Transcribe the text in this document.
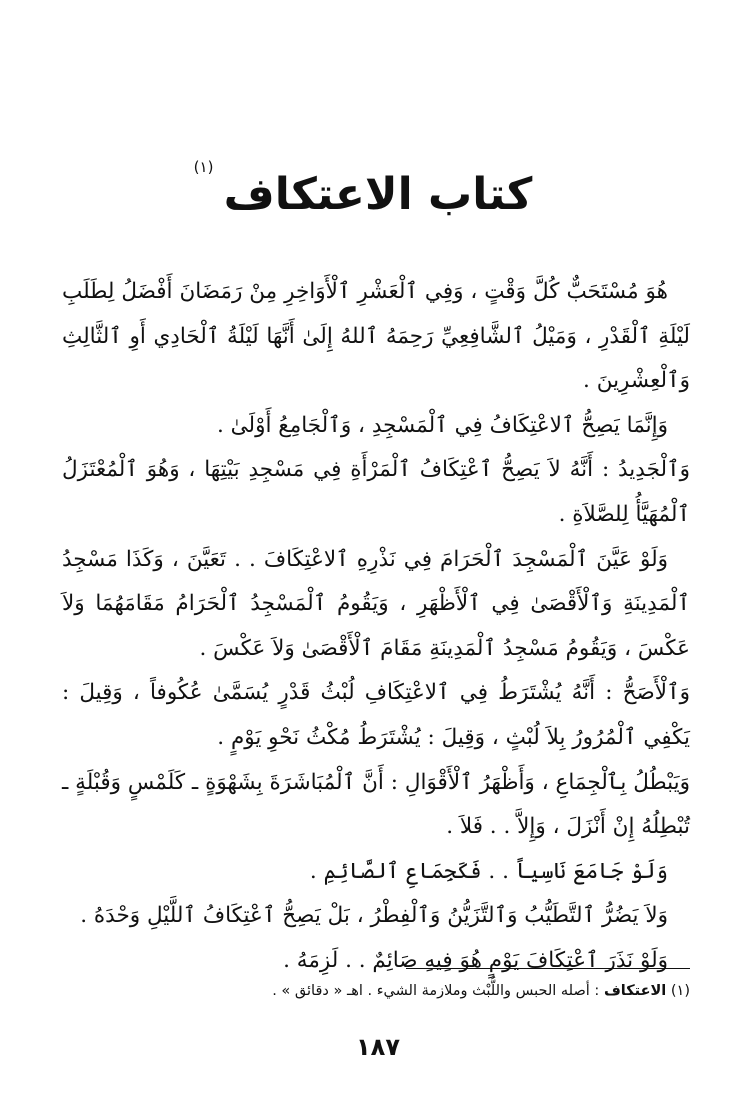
كتاب الاعتكاف
(١)

هُوَ مُسْتَحَبٌّ كُلَّ وَقْتٍ ، وَفِي ٱلْعَشْرِ ٱلْأَوَاخِرِ مِنْ رَمَضَانَ أَفْضَلُ لِطَلَبِ لَيْلَةِ ٱلْقَدْرِ ، وَمَيْلُ ٱلشَّافِعِيِّ رَحِمَهُ ٱللهُ إِلَىٰ أَنَّهَا لَيْلَةُ ٱلْحَادِي أَوِ ٱلثَّالِثِ وَٱلْعِشْرِينَ .

وَإِنَّمَا يَصِحُّ ٱلاعْتِكَافُ فِي ٱلْمَسْجِدِ ، وَٱلْجَامِعُ أَوْلَىٰ .

وَٱلْجَدِيدُ : أَنَّهُ لاَ يَصِحُّ ٱعْتِكَافُ ٱلْمَرْأَةِ فِي مَسْجِدِ بَيْتِهَا ، وَهُوَ ٱلْمُعْتَزَلُ ٱلْمُهَيَّأُ لِلصَّلاَةِ .

وَلَوْ عَيَّنَ ٱلْمَسْجِدَ ٱلْحَرَامَ فِي نَذْرِهِ ٱلاعْتِكَافَ . . تَعَيَّنَ ، وَكَذَا مَسْجِدُ ٱلْمَدِينَةِ وَٱلْأَقْصَىٰ فِي ٱلْأَظْهَرِ ، وَيَقُومُ ٱلْمَسْجِدُ ٱلْحَرَامُ مَقَامَهُمَا وَلاَ عَكْسَ ، وَيَقُومُ مَسْجِدُ ٱلْمَدِينَةِ مَقَامَ ٱلْأَقْصَىٰ وَلاَ عَكْسَ .

وَٱلْأَصَحُّ : أَنَّهُ يُشْتَرَطُ فِي ٱلاعْتِكَافِ لُبْثُ قَدْرٍ يُسَمَّىٰ عُكُوفاً ، وَقِيلَ : يَكْفِي ٱلْمُرُورُ بِلاَ لُبْثٍ ، وَقِيلَ : يُشْتَرَطُ مُكْثُ نَحْوِ يَوْمٍ .

وَيَبْطُلُ بِٱلْجِمَاعِ ، وَأَظْهَرُ ٱلْأَقْوَالِ : أَنَّ ٱلْمُبَاشَرَةَ بِشَهْوَةٍ ـ كَلَمْسٍ وَقُبْلَةٍ ـ تُبْطِلُهُ إِنْ أَنْزَلَ ، وَإِلاَّ . . فَلاَ .

وَلَوْ جَامَعَ نَاسِياً . . فَكَجِمَاعِ ٱلصَّائِمِ .

وَلاَ يَضُرُّ ٱلتَّطَيُّبُ وَٱلتَّزَيُّنُ وَٱلْفِطْرُ ، بَلْ يَصِحُّ ٱعْتِكَافُ ٱللَّيْلِ وَحْدَهُ .

وَلَوْ نَذَرَ ٱعْتِكَافَ يَوْمٍ هُوَ فِيهِ صَائِمٌ . . لَزِمَهُ .

(١) الاعتكاف : أصله الحبس واللُّبْث وملازمة الشيء . اهـ « دقائق » .
١٨٧
